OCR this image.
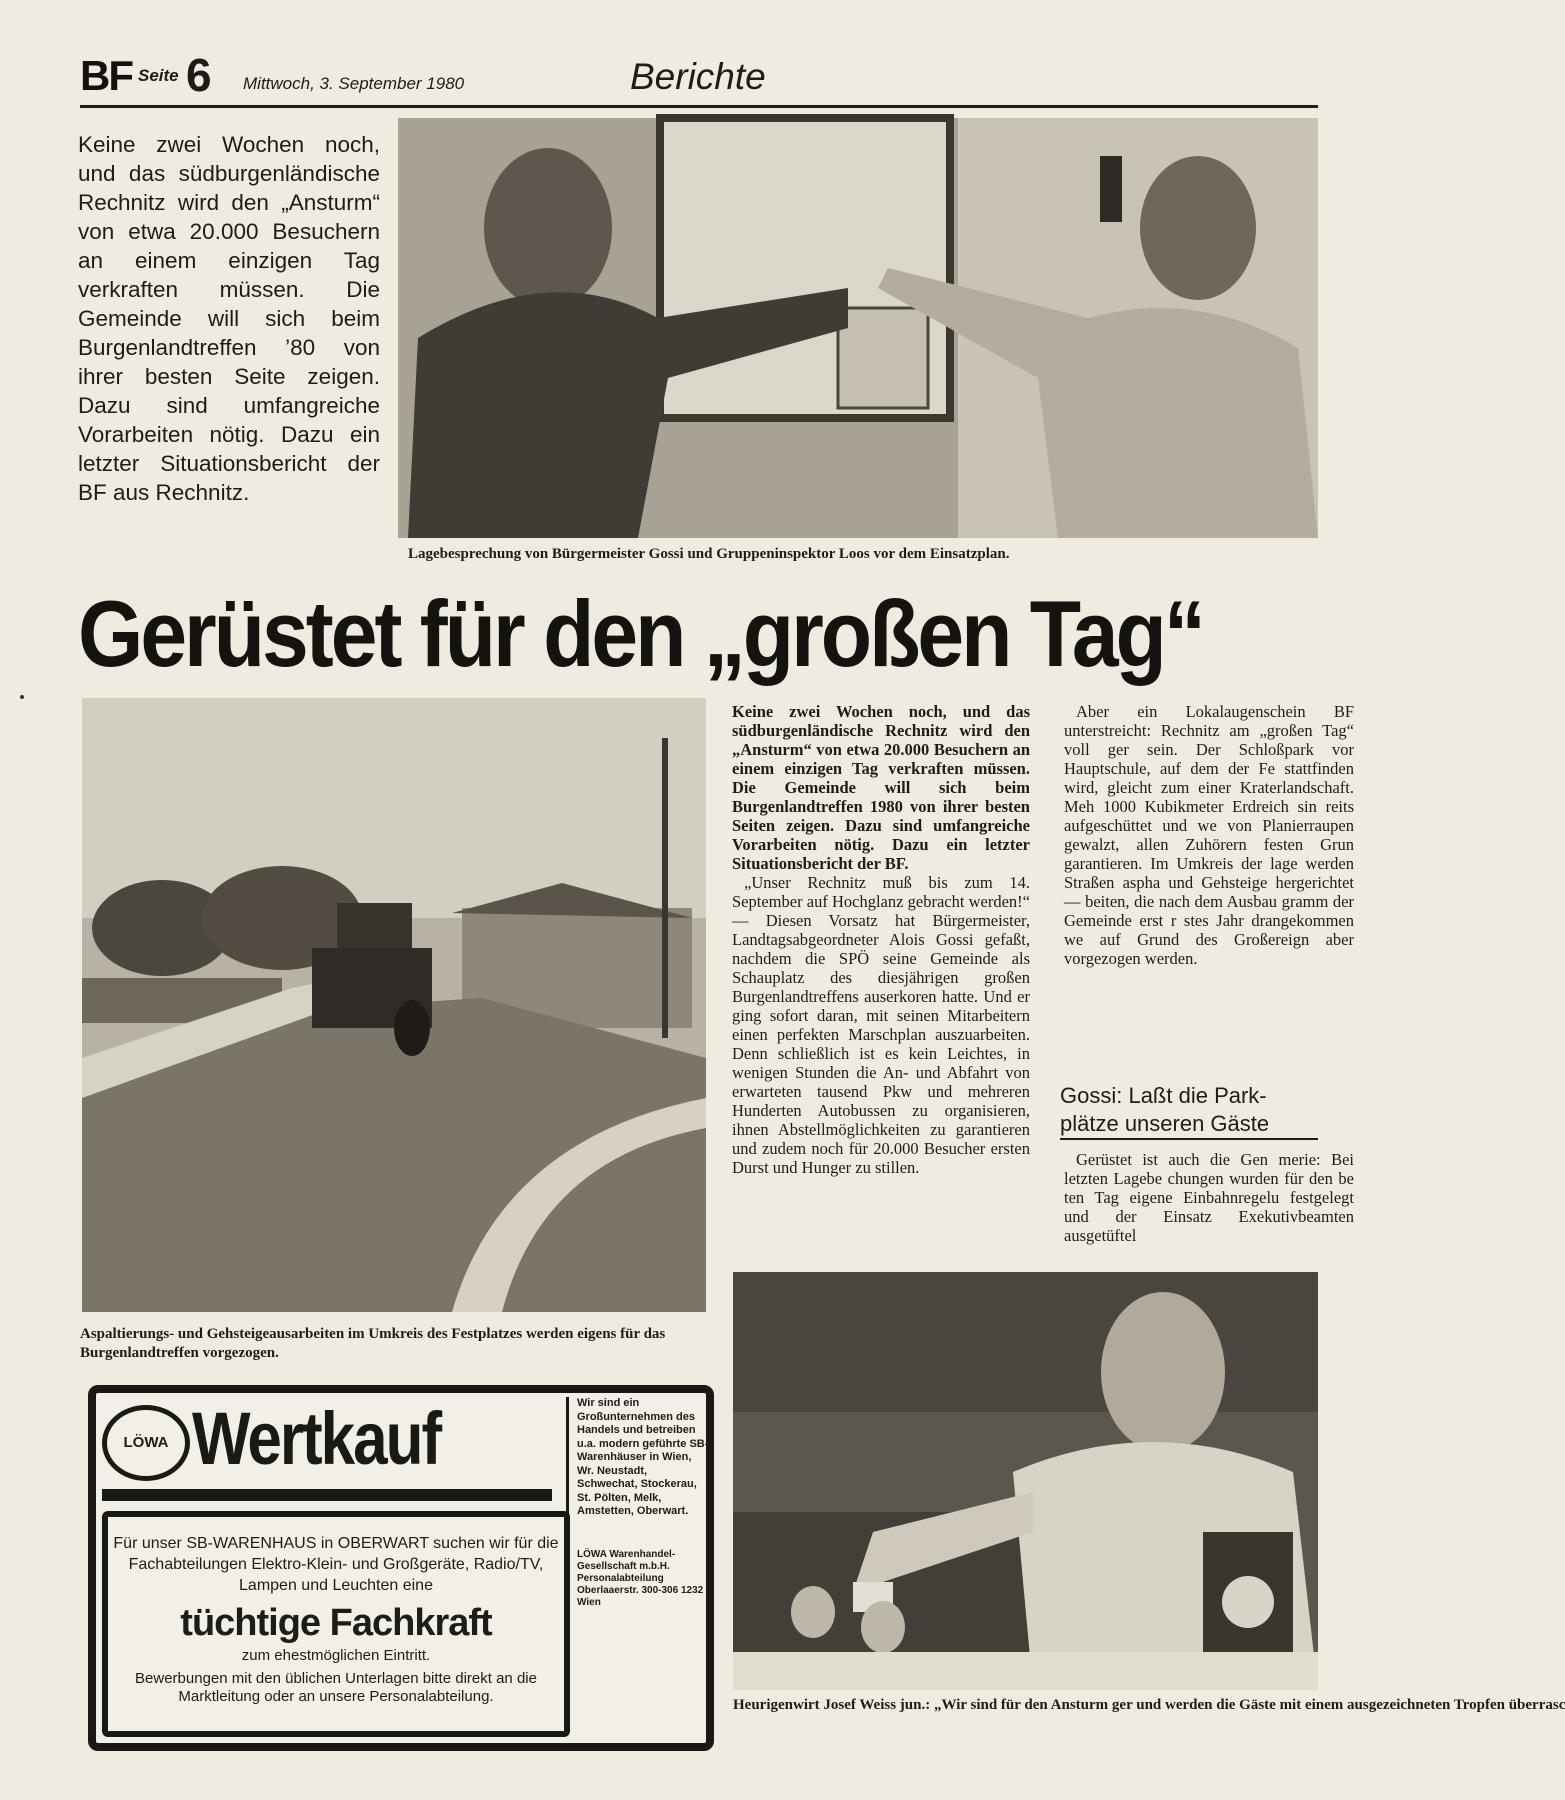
BF Seite 6 Mittwoch, 3. September 1980	Berichte
Keine zwei Wochen noch, und das südburgenländische Rechnitz wird den „Ansturm“ von etwa 20.000 Besuchern an einem einzigen Tag verkraften müssen. Die Gemeinde will sich beim Burgenlandtreffen ’80 von ihrer besten Seite zeigen. Dazu sind umfangreiche Vorarbeiten nötig. Dazu ein letzter Situationsbericht der BF aus Rechnitz.
Lagebesprechung von Bürgermeister Gossi und Gruppeninspektor Loos vor dem Einsatzplan.
Gerüstet für den „großen Tag“
Aspaltierungs- und Gehsteigeausarbeiten im Umkreis des Festplatzes werden eigens für das Burgenlandtreffen vorgezogen.

Keine zwei Wochen noch, und das südburgenländische Rechnitz wird den „Ansturm“ von etwa 20.000 Besuchern an einem einzigen Tag verkraften müssen. Die Gemeinde will sich beim Burgenlandtreffen 1980 von ihrer besten Seiten zeigen. Dazu sind umfangreiche Vorarbeiten nötig. Dazu ein letzter Situationsbericht der BF.

„Unser Rechnitz muß bis zum 14. September auf Hochglanz gebracht werden!“ — Diesen Vorsatz hat Bürgermeister, Landtagsabgeordneter Alois Gossi gefaßt, nachdem die SPÖ seine Gemeinde als Schauplatz des diesjährigen großen Burgenlandtreffens auserkoren hatte. Und er ging sofort daran, mit seinen Mitarbeitern einen perfekten Marschplan auszuarbeiten. Denn schließlich ist es kein Leichtes, in wenigen Stunden die An- und Abfahrt von erwarteten tausend Pkw und mehreren Hunderten Autobussen zu organisieren, ihnen Abstellmöglichkeiten zu garantieren und zudem noch für 20.000 Besucher ersten Durst und Hunger zu stillen.

Aber ein Lokalaugenschein BF unterstreicht: Rechnitz am „großen Tag“ voll ger sein. Der Schloßpark vor Hauptschule, auf dem der Fe stattfinden wird, gleicht zum einer Kraterlandschaft. Meh 1000 Kubikmeter Erdreich sin reits aufgeschüttet und we von Planierraupen gewalzt, allen Zuhörern festen Grun garantieren. Im Umkreis der lage werden Straßen aspha und Gehsteige hergerichtet — beiten, die nach dem Ausbau gramm der Gemeinde erst r stes Jahr drangekommen we auf Grund des Großereign aber vorgezogen werden.

Gossi: Laßt die Park-
plätze unseren Gäste

Gerüstet ist auch die Gen merie: Bei letzten Lagebe chungen wurden für den be ten Tag eigene Einbahnregelu festgelegt und der Einsatz Exekutivbeamten ausgetüftel

Heurigenwirt Josef Weiss jun.: „Wir sind für den Ansturm ger und werden die Gäste mit einem ausgezeichneten Tropfen überrasc
LÖWA Wertkauf	Wir sind ein Großunternehmen des Handels und betreiben u.a. modern geführte SB-Warenhäuser in Wien, Wr. Neustadt, Schwechat, Stockerau, St. Pölten, Melk, Amstetten, Oberwart.
LÖWA Warenhandel-Gesellschaft m.b.H. Personalabteilung Oberlaaerstr. 300-306 1232 Wien
Für unser SB-WARENHAUS in OBERWART suchen wir für die Fachabteilungen Elektro-Klein- und Großgeräte, Radio/TV, Lampen und Leuchten eine
tüchtige Fachkraft
zum ehestmöglichen Eintritt.
Bewerbungen mit den üblichen Unterlagen bitte direkt an die Marktleitung oder an unsere Personalabteilung.
